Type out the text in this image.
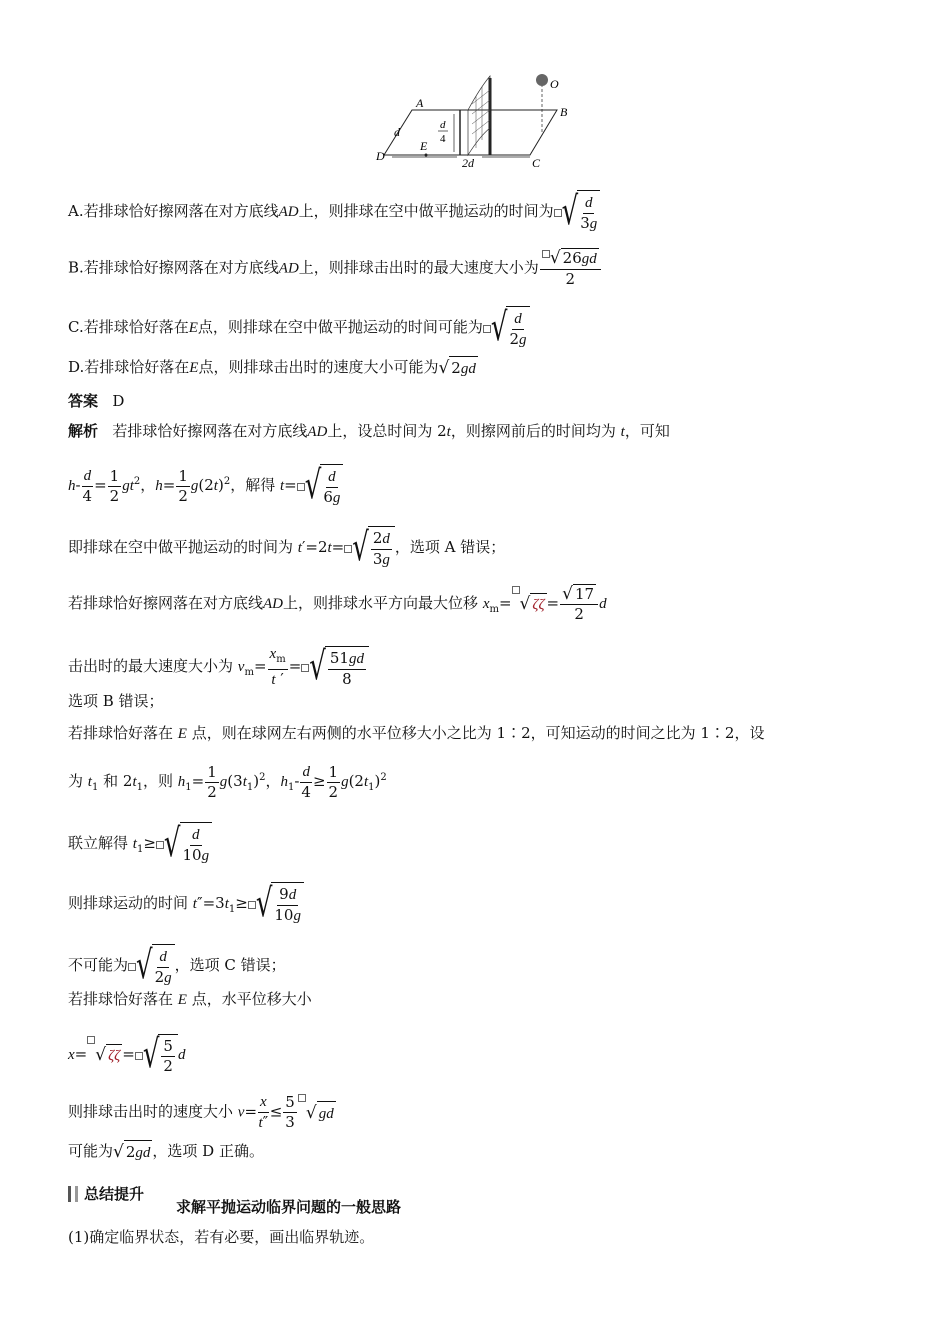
A
B
C
D
E
O
d	d
4
2d
A.若排球恰好擦网落在对方底线AD上，则排球在空中做平抛运动的时间为 √ $\frac{d}{3g}$
B.若排球恰好擦网落在对方底线AD上，则排球击出时的最大速度大小为 $\frac{√ 26gd}{2}$
C.若排球恰好落在E点，则排球在空中做平抛运动的时间可能为 √ $\frac{d}{2g}$
D.若排球恰好落在E点，则排球击出时的速度大小可能为 √ 2gd
答案 D
解析 若排球恰好擦网落在对方底线AD上，设总时间为 2t，则擦网前后的时间均为 t，可知
$h- \frac{d}{4} = \frac{1}{2} gt^2$，$h= \frac{1}{2} g(2t)^2$，解得 t= √ $\frac{d}{6g}$
即排球在空中做平抛运动的时间为 t′=2t= √ $\frac{2d}{3g}$ ，选项 A 错误；
若排球恰好擦网落在对方底线AD上，则排球水平方向最大位移 $x_m=$ √ $\zeta\zeta = \frac{√ 17}{2}$ d
击出时的最大速度大小为 $v_m= \frac{x_m}{t '}$ = √ $\frac{51gd}{8}$
选项 B 错误；
若排球恰好落在 E 点，则在球网左右两侧的水平位移大小之比为 1∶2，可知运动的时间之比为 1∶2，设
为 $t_1$ 和 $2t_1$，则 $h_1= \frac{1}{2} g(3t_1)^2$，$h_1- \frac{d}{4} \ge \frac{1}{2} g(2t_1)^2$
联立解得 $t_1\ge$ √ $\frac{d}{10g}$
则排球运动的时间 $t''=3t_1\ge$ √ $\frac{9d}{10g}$
不可能为 √ $\frac{d}{2g}$ ，选项 C 错误；
若排球恰好落在 E 点，水平位移大小
x= √ ζζ = √ $\frac{5}{2}$ d
则排球击出时的速度大小 $v= \frac{x}{t''} \le \frac{5}{3}$ √ gd
可能为 √ 2gd ，选项 D 正确。
总结提升
求解平抛运动临界问题的一般思路
(1)确定临界状态，若有必要，画出临界轨迹。
